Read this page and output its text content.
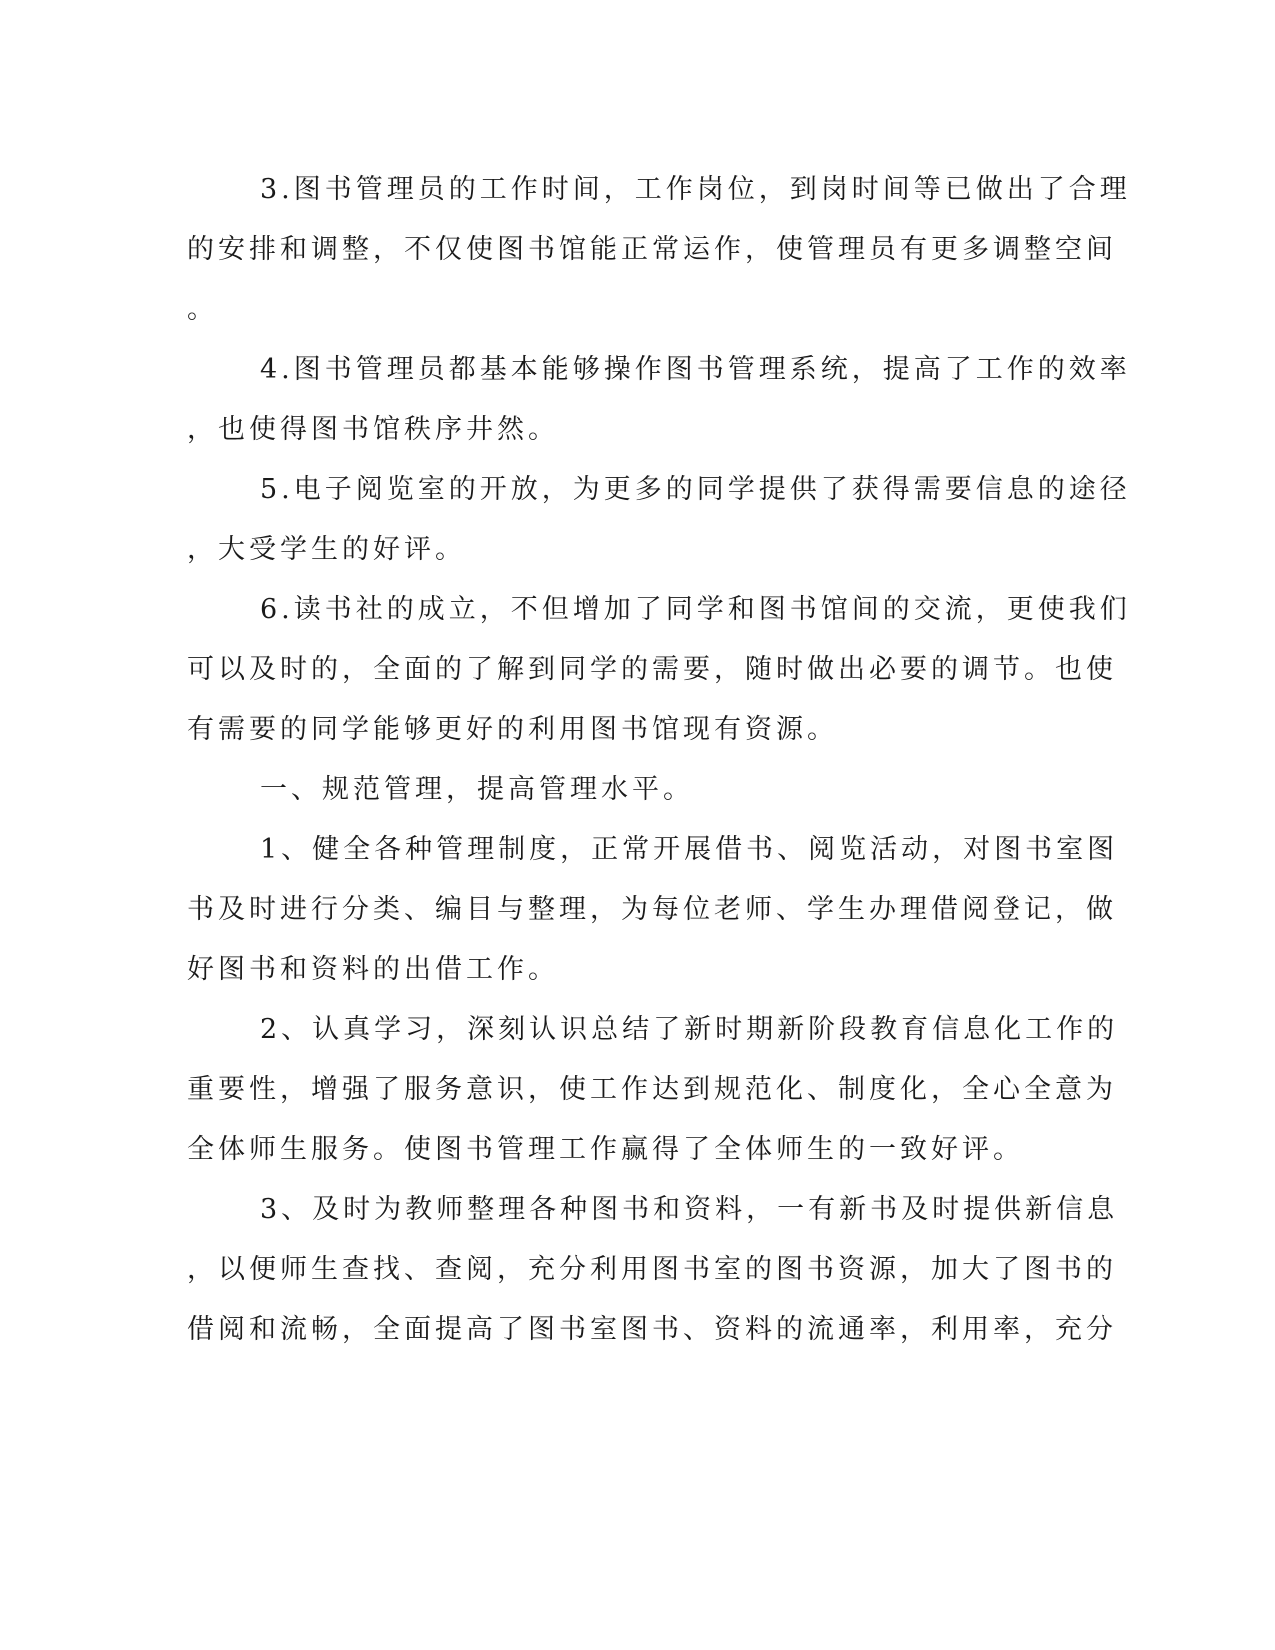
3.图书管理员的工作时间，工作岗位，到岗时间等已做出了合理
的安排和调整，不仅使图书馆能正常运作，使管理员有更多调整空间
。
4.图书管理员都基本能够操作图书管理系统，提高了工作的效率
，也使得图书馆秩序井然。
5.电子阅览室的开放，为更多的同学提供了获得需要信息的途径
，大受学生的好评。
6.读书社的成立，不但增加了同学和图书馆间的交流，更使我们
可以及时的，全面的了解到同学的需要，随时做出必要的调节。也使
有需要的同学能够更好的利用图书馆现有资源。
一、规范管理，提高管理水平。
1、健全各种管理制度，正常开展借书、阅览活动，对图书室图
书及时进行分类、编目与整理，为每位老师、学生办理借阅登记，做
好图书和资料的出借工作。
2、认真学习，深刻认识总结了新时期新阶段教育信息化工作的
重要性，增强了服务意识，使工作达到规范化、制度化，全心全意为
全体师生服务。使图书管理工作赢得了全体师生的一致好评。
3、及时为教师整理各种图书和资料，一有新书及时提供新信息
，以便师生查找、查阅，充分利用图书室的图书资源，加大了图书的
借阅和流畅，全面提高了图书室图书、资料的流通率，利用率，充分
